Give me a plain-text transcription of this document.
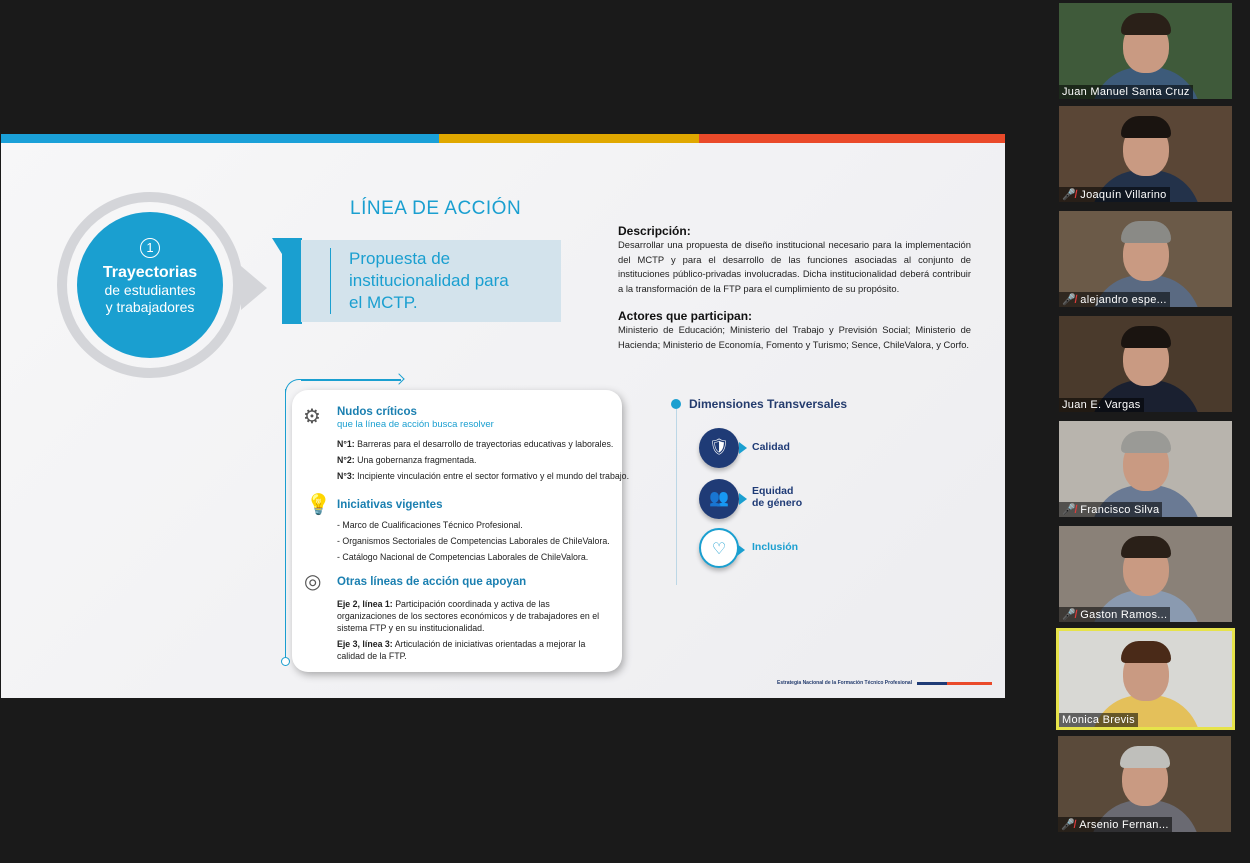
1
Trayectorias
de estudiantes
y trabajadores
LÍNEA DE ACCIÓN
Propuesta de
institucionalidad para
el MCTP.
Descripción:

Desarrollar una propuesta de diseño institucional necesario para la implementación del MCTP y para el desarrollo de las funciones asociadas al conjunto de instituciones público-privadas involucradas. Dicha institucionalidad deberá contribuir a la transformación de la FTP para el cumplimiento de su propósito.

Actores que participan:

Ministerio de Educación; Ministerio del Trabajo y Previsión Social; Ministerio de Hacienda; Ministerio de Economía, Fomento y Turismo; Sence, ChileValora, y Corfo.

⚙ Nudos críticos
que la línea de acción busca resolver
N°1: Barreras para el desarrollo de trayectorias educativas y laborales.
N°2: Una gobernanza fragmentada.
N°3: Incipiente vinculación entre el sector formativo y el mundo del trabajo.
💡 Iniciativas vigentes
- Marco de Cualificaciones Técnico Profesional.
- Organismos Sectoriales de Competencias Laborales de ChileValora.
- Catálogo Nacional de Competencias Laborales de ChileValora.
◎ Otras líneas de acción que apoyan
Eje 2, línea 1: Participación coordinada y activa de las organizaciones de los sectores económicos y de trabajadores en el sistema FTP y en su institucionalidad.
Eje 3, línea 3: Articulación de iniciativas orientadas a mejorar la calidad de la FTP.
Dimensiones Transversales
🛡	Calidad
👥	Equidad
de género
♡	Inclusión
Estrategia Nacional de la Formación Técnico Profesional
Juan Manuel Santa Cruz
🎤̸ Joaquín Villarino
🎤̸ alejandro espe...
Juan E. Vargas
🎤̸ Francisco Silva
🎤̸ Gaston Ramos...
Monica Brevis
🎤̸ Arsenio Fernan...
